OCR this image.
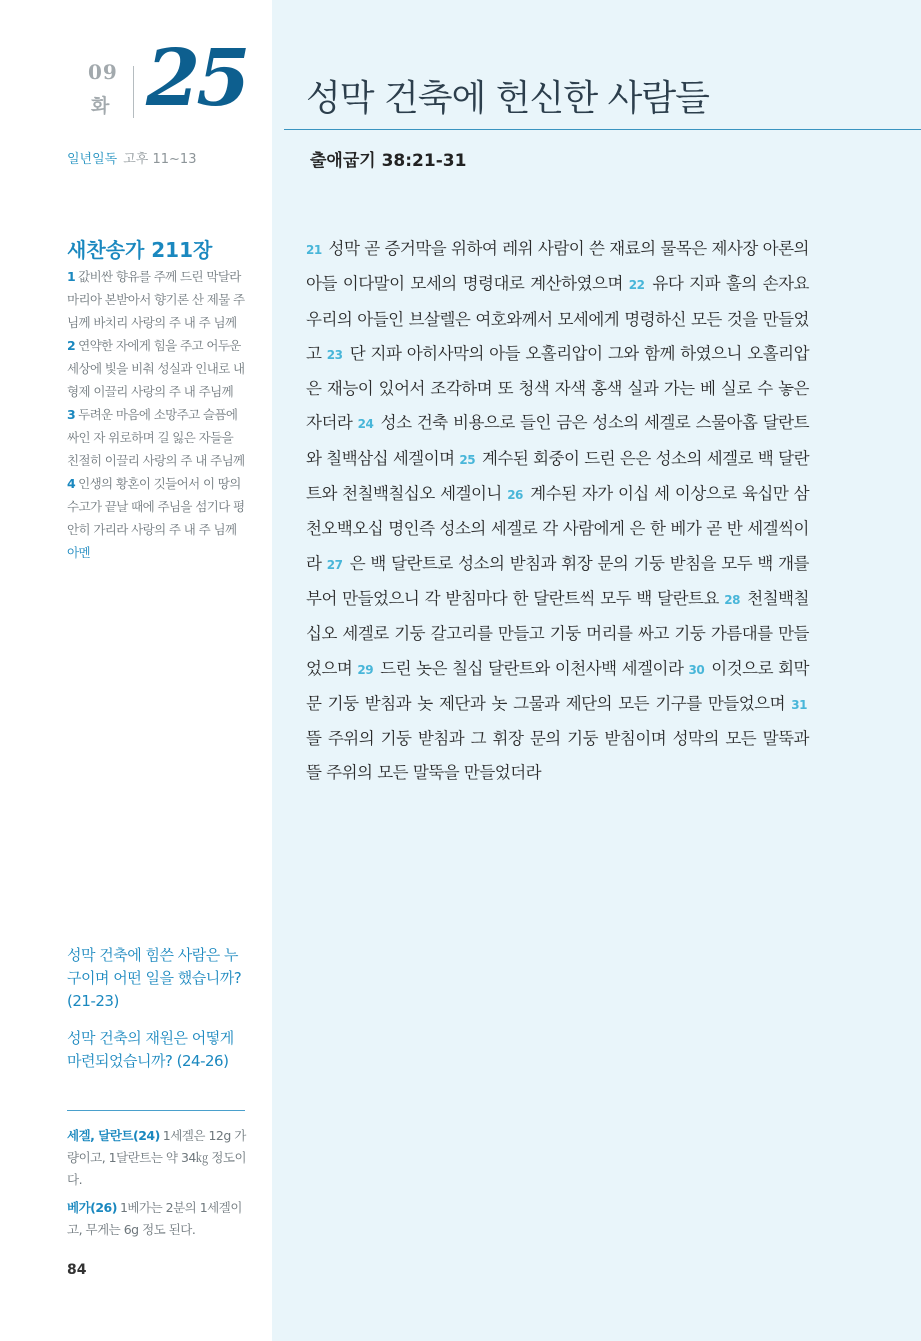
09
화 25
일년일독 고후 11~13
성막 건축에 헌신한 사람들
출애굽기 38:21-31
새찬송가 211장

1 값비싼 향유를 주께 드린 막달라 마리아 본받아서 향기론 산 제물 주님께 바치리 사랑의 주 내 주 님께

2 연약한 자에게 힘을 주고 어두운 세상에 빛을 비춰 성실과 인내로 내 형제 이끌리 사랑의 주 내 주님께

3 두려운 마음에 소망주고 슬픔에 싸인 자 위로하며 길 잃은 자들을 친절히 이끌리 사랑의 주 내 주님께

4 인생의 황혼이 깃들어서 이 땅의 수고가 끝날 때에 주님을 섬기다 평안히 가리라 사랑의 주 내 주 님께아멘

21 성막 곧 증거막을 위하여 레위 사람이 쓴 재료의 물목은 제사장 아론의 아들 이다말이 모세의 명령대로 계산하였으며 22 유다 지파 훌의 손자요 우리의 아들인 브살렐은 여호와께서 모세에게 명령하신 모든 것을 만들었고 23 단 지파 아히사막의 아들 오홀리압이 그와 함께 하였으니 오홀리압은 재능이 있어서 조각하며 또 청색 자색 홍색 실과 가는 베 실로 수 놓은 자더라 24 성소 건축 비용으로 들인 금은 성소의 세겔로 스물아홉 달란트와 칠백삼십 세겔이며 25 계수된 회중이 드린 은은 성소의 세겔로 백 달란트와 천칠백칠십오 세겔이니 26 계수된 자가 이십 세 이상으로 육십만 삼천오백오십 명인즉 성소의 세겔로 각 사람에게 은 한 베가 곧 반 세겔씩이라 27 은 백 달란트로 성소의 받침과 휘장 문의 기둥 받침을 모두 백 개를 부어 만들었으니 각 받침마다 한 달란트씩 모두 백 달란트요 28 천칠백칠십오 세겔로 기둥 갈고리를 만들고 기둥 머리를 싸고 기둥 가름대를 만들었으며 29 드린 놋은 칠십 달란트와 이천사백 세겔이라 30 이것으로 회막 문 기둥 받침과 놋 제단과 놋 그물과 제단의 모든 기구를 만들었으며 31 뜰 주위의 기둥 받침과 그 휘장 문의 기둥 받침이며 성막의 모든 말뚝과 뜰 주위의 모든 말뚝을 만들었더라

성막 건축에 힘쓴 사람은 누구이며 어떤 일을 했습니까? (21-23)

성막 건축의 재원은 어떻게 마련되었습니까? (24-26)

세겔, 달란트(24) 1세겔은 12g 가량이고, 1달란트는 약 34㎏ 정도이다.

베가(26) 1베가는 2분의 1세겔이고, 무게는 6g 정도 된다.

84
